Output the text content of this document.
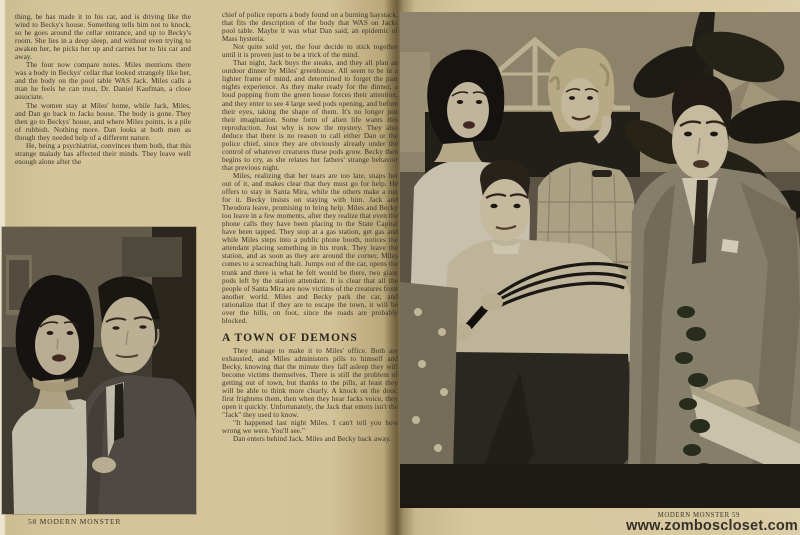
thing, he has made it to his car, and is driving like the wind to Becky's house. Something tells him not to knock, so he goes around the cellar entrance, and up to Becky's room. She lies in a deep sleep, and without even trying to awaken her, he picks her up and carries her to his car and away.

The four now compare notes. Miles mentions there was a body in Beckys' cellar that looked strangely like her, and the body on the pool table WAS Jack. Miles calls a man he feels he can trust, Dr. Daniel Kaufman, a close associate.

The women stay at Miles' home, while Jack, Miles, and Dan go back to Jacks house. The body is gone. They then go to Beckys' house, and where Miles points, is a pile of rubbish. Nothing more. Dan looks at both men as though they needed help of a different nature.

He, being a psychiatrist, convinces them both, that this strange malady has affected their minds. They leave well enough alone after the

chief of police reports a body found on a burning haystack, that fits the description of the body that WAS on Jacks pool table. Maybe it was what Dan said, an epidemic of Mass hysteria.

Not quite sold yet, the four decide to stick together until it is proven just to be a trick of the mind.

That night, Jack buys the steaks, and they all plan an outdoor dinner by Miles' greenhouse. All seem to be in a lighter frame of mind, and determined to forget the past nights experience. As they make ready for the dinner, a loud popping from the green house forces their attention, and they enter to see 4 large seed pods opening, and before their eyes, taking the shape of them. It's no longer just their imagination. Some form of alien life wants this reproduction. Just why is now the mystery. They also deduce that there is no reason to call either Dan or the police chief, since they are obviously already under the control of whatever creatures these pods grow. Becky then begins to cry, as she relates her fathers' strange behavior that previous night.

Miles, realizing that her tears are too late, snaps her out of it, and makes clear that they must go for help. He offers to stay in Santa Mira, while the others make a run for it. Becky insists on staying with him. Jack and Theodora leave, promising to bring help. Miles and Becky too leave in a few moments, after they realize that even the phone calls they have been placing to the State Capital have been tapped. They stop at a gas station, get gas and while Miles steps into a public phone booth, notices the attendant placing something in his trunk. They leave the station, and as soon as they are around the corner, Miles comes to a screaching halt. Jumps out of the car, opens the trunk and there is what he felt would be there, two giant pods left by the station attendant. It is clear that all the people of Santa Mira are now victims of the creatures from another world. Miles and Becky park the car, and rationalize that if they are to escape the town, it will be over the hills, on foot, since the roads are probably blocked.

A TOWN OF DEMONS

They manage to make it to Miles' office. Both are exhausted, and Miles administers pills to himself and Becky, knowing that the minute they fall asleep they will become victims themselves. There is still the problem of getting out of town, but thanks to the pills, at least they will be able to think more clearly. A knock on the door, first frightens them, then when they hear Jacks voice, they open it quickly. Unfortunately, the Jack that enters isn't the "Jack" they used to know.

"It happened last night Miles. I can't tell you how wrong we were. You'll see."

Dan enters behind Jack. Miles and Becky back away.

58 MODERN MONSTER
MODERN MONSTER 59
www.zomboscloset.com
